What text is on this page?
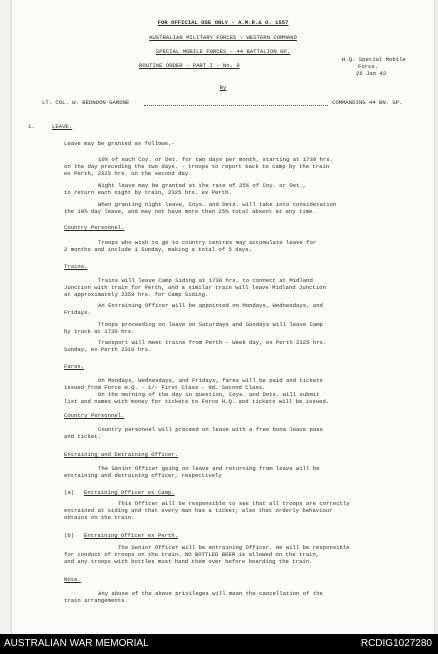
FOR OFFICIAL USE ONLY - A.M.R.& O. 1557
AUSTRALIAN MILITARY FORCES - WESTERN COMMAND
SPECIAL MOBILE FORCES - 44 BATTALION GP.
ROUTINE ORDER - PART I - No. 8
H.Q. Special Mobile
Force.
26 Jan 42
By
LT. COL. W. BEDNDON GARDNE	COMMANDING 44 BN. GP.
1.	LEAVE.
Leave may be granted as follows.-
10% of each Coy. or Det. for two days per month, starting at 1730 hrs.
on the day preceding the two days. - troops to report back to camp by the train
ex Perth, 2325 hrs. on the second day.
Night leave may be granted at the rate of 25% of Coy. or Det.,
to return each night by train, 2325 hrs. ex Perth.
When granting night leave, Coys. and Dets. will take into consideration
the 10% day leave, and may not have more than 25% total absent at any time.
Country Personnel.
Troops who wish to go to country centres may accumulate leave for
2 months and include 1 Sunday, making a total of 5 days.
Trains.
Trains will leave Camp Siding at 1730 hrs. to connect at Midland
Junction with train for Perth, and a similar train will leave Midland Junction
at approximately 2359 hrs. for Camp Siding.
An Entraining Officer will be appointed on Mondays, Wednesdays, and
Fridays.
Troops proceeding on leave on Saturdays and Sundays will leave Camp
by truck at 1730 hrs.
Transport will meet trains from Perth - Week day, ex Perth 2325 hrs.
Sunday, ex Perth 2310 hrs.
Fares.
On Mondays, Wednesdays, and Fridays, fares will be paid and tickets
issued from Force H.Q. - 1/- First Class - 9d. Second Class.
On the morning of the day in question, Coys. and Dets. will submit
list and names with money for tickets to Force H.Q. and tickets will be issued.
Country Personnel.
Country personnel will proceed on leave with a free bona leave pass
and ticket.
Entraining and Detraining Officer.
The Senior Officer going on leave and returning from leave will be
entraining and detraining officer, respectively
(a) Entraining Officer ex Camp.
This Officer will be responsible to see that all troops are correctly
entrained at siding and that every man has a ticket; also that orderly behaviour
obtains on the train.
(b) Entraining Officer ex Perth.
The Senior Officer will be entraining Officer. He will be responsible
for conduct of troops on the train. NO BOTTLED BEER is allowed on the train,
and any troops with bottles must hand them over before boarding the train.
Note.
Any abuse of the above privileges will mean the cancellation of the
train arrangements.
AUSTRALIAN WAR MEMORIAL	RCDIG1027280
